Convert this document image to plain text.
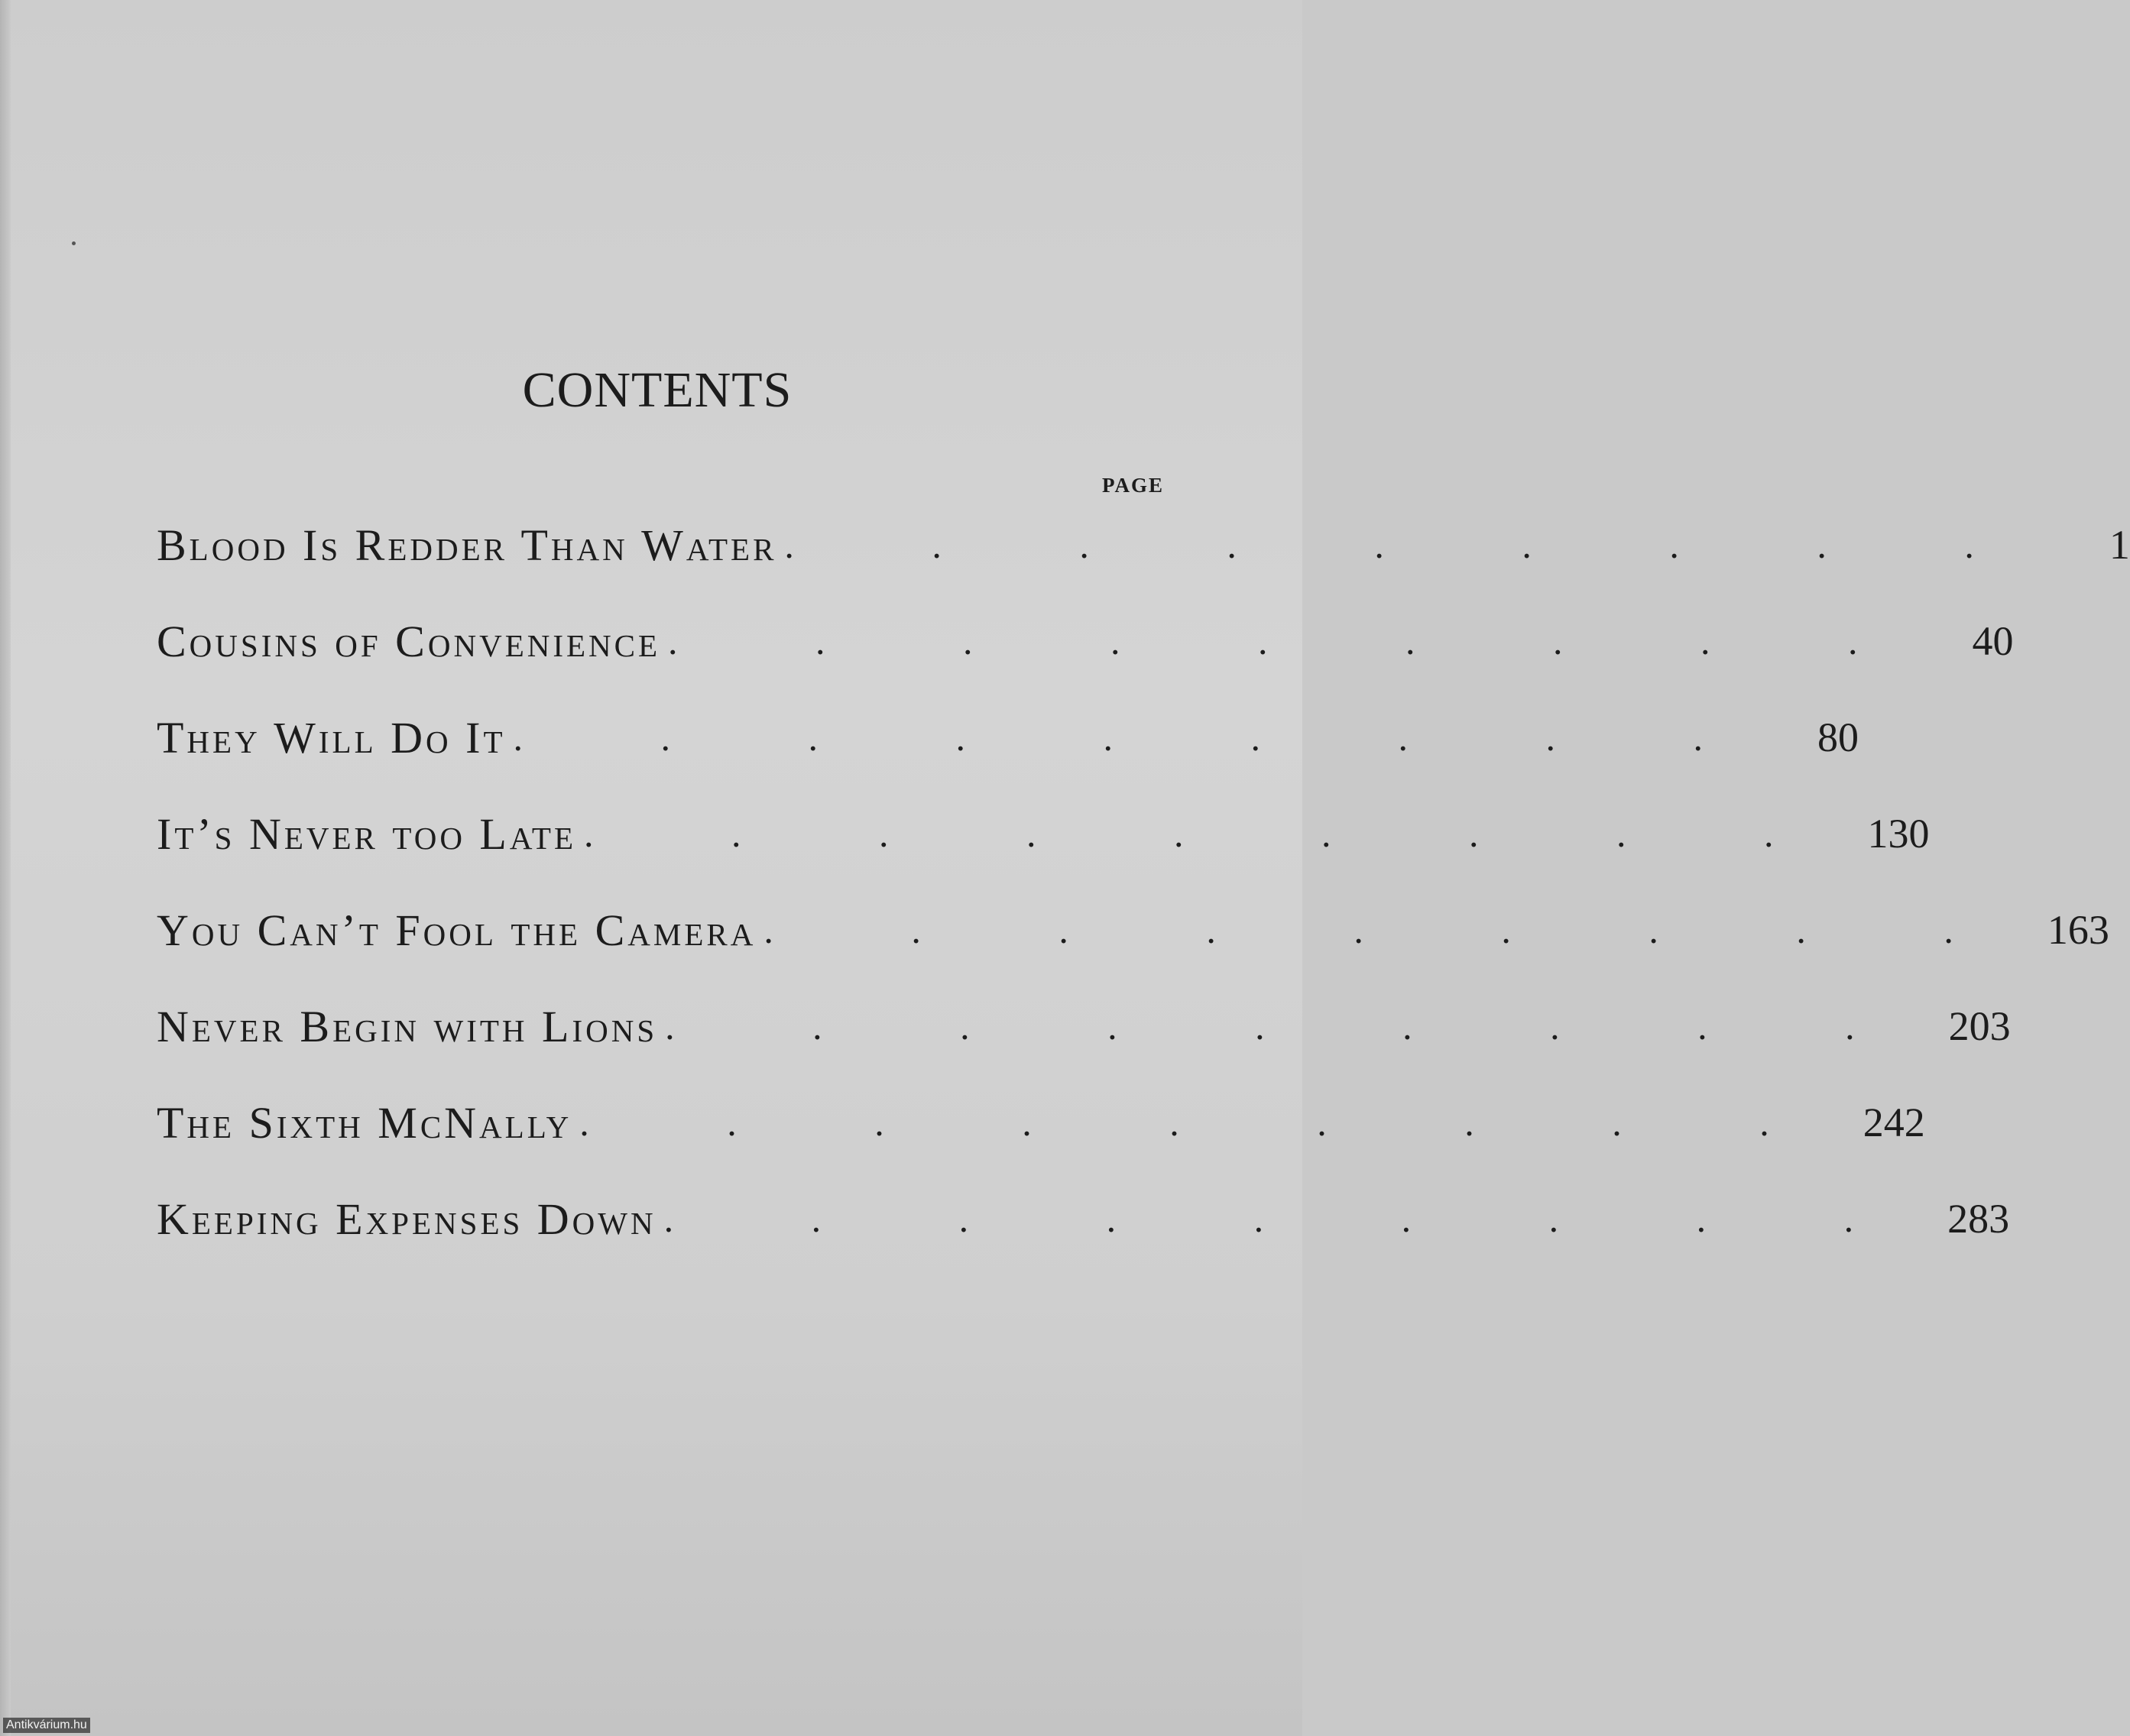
CONTENTS
PAGE
Blood Is Redder Than Water . . . . . . . . .	1
Cousins of Convenience . . . . . . . . .	40
They Will Do It . . . . . . . . .	80
It’s Never too Late . . . . . . . . . 130
You Can’t Fool the Camera . . . . . . . . . 163
Never Begin with Lions . . . . . . . . . 203
The Sixth McNally . . . . . . . . . 242
Keeping Expenses Down . . . . . . . . . 283
Antikvárium.hu
